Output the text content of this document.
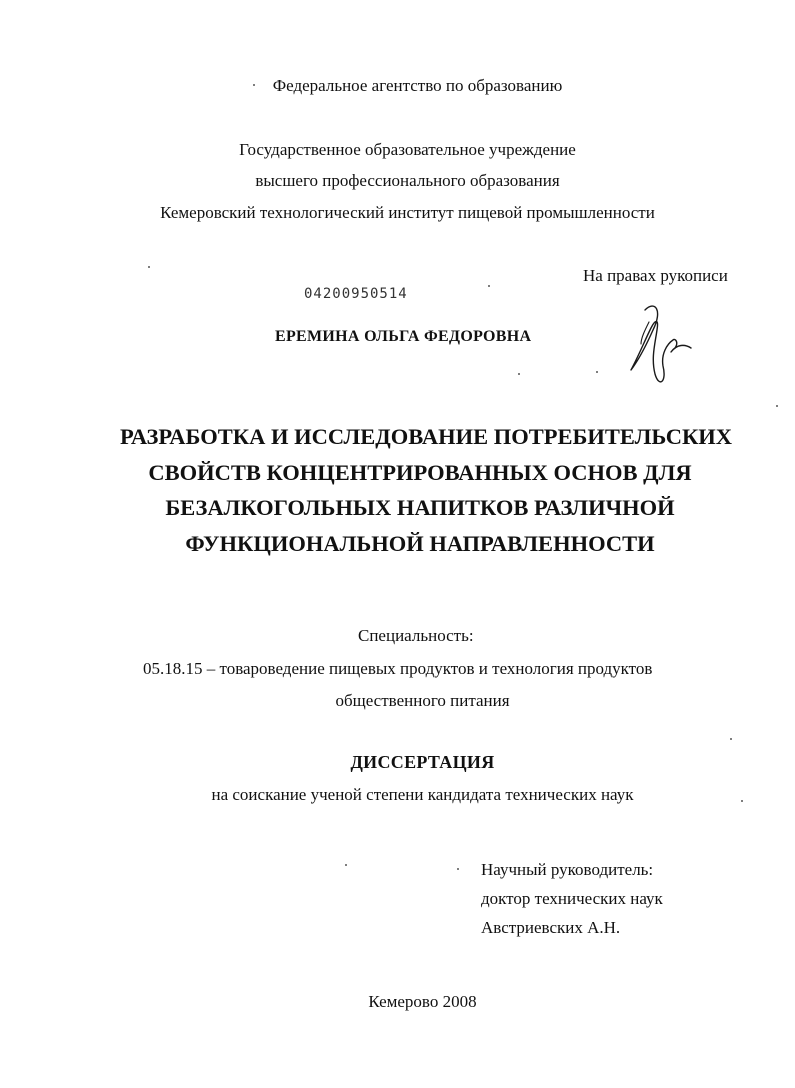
Федеральное агентство по образованию
Государственное образовательное учреждение
высшего профессионального образования
Кемеровский технологический институт пищевой промышленности
На правах рукописи
04200950514
ЕРЕМИНА ОЛЬГА ФЕДОРОВНА
РАЗРАБОТКА И ИССЛЕДОВАНИЕ ПОТРЕБИТЕЛЬСКИХ
СВОЙСТВ КОНЦЕНТРИРОВАННЫХ ОСНОВ ДЛЯ
БЕЗАЛКОГОЛЬНЫХ НАПИТКОВ РАЗЛИЧНОЙ
ФУНКЦИОНАЛЬНОЙ НАПРАВЛЕННОСТИ
Специальность:
05.18.15 – товароведение пищевых продуктов и технология продуктов
общественного питания
ДИССЕРТАЦИЯ
на соискание ученой степени кандидата технических наук
Научный руководитель:
доктор технических наук
Австриевских А.Н.
Кемерово 2008
